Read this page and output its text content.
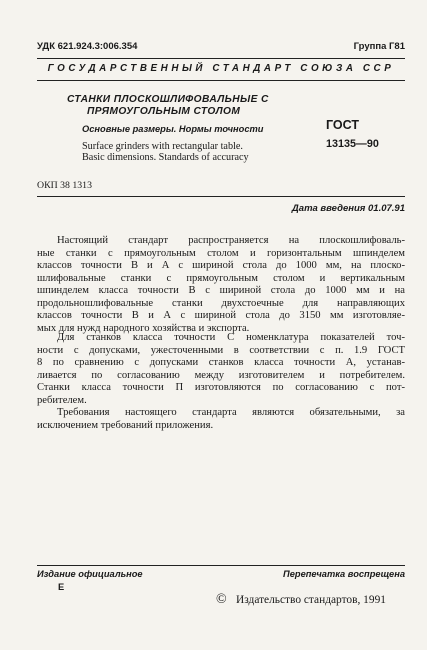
УДК 621.924.3:006.354	Группа Г81
ГОСУДАРСТВЕННЫЙ СТАНДАРТ СОЮЗА ССР
СТАНКИ ПЛОСКОШЛИФОВАЛЬНЫЕ С
ПРЯМОУГОЛЬНЫМ СТОЛОМ
Основные размеры. Нормы точности
Surface grinders with rectangular table.
Basic dimensions. Standards of accuracy
ГОСТ
13135—90
ОКП 38 1313
Дата введения 01.07.91
Настоящий стандарт распространяется на плоскошлифоваль-
ные станки с прямоугольным столом и горизонтальным шпинделем
классов точности В и А с шириной стола до 1000 мм, на плоско-
шлифовальные станки с прямоугольным столом и вертикальным
шпинделем класса точности В с шириной стола до 1000 мм и на
продольношлифовальные станки двухстоечные для направляющих
классов точности В и А с шириной стола до 3150 мм изготовляе-
мых для нужд народного хозяйства и экспорта.
Для станков класса точности С номенклатура показателей точ-
ности с допусками, ужесточенными в соответствии с п. 1.9 ГОСТ
8 по сравнению с допусками станков класса точности А, устанав-
ливается по согласованию между изготовителем и потребителем.
Станки класса точности П изготовляются по согласованию с пот-
ребителем.
Требования настоящего стандарта являются обязательными, за
исключением требований приложения.
Издание официальное
Е
Перепечатка воспрещена
© Издательство стандартов, 1991
